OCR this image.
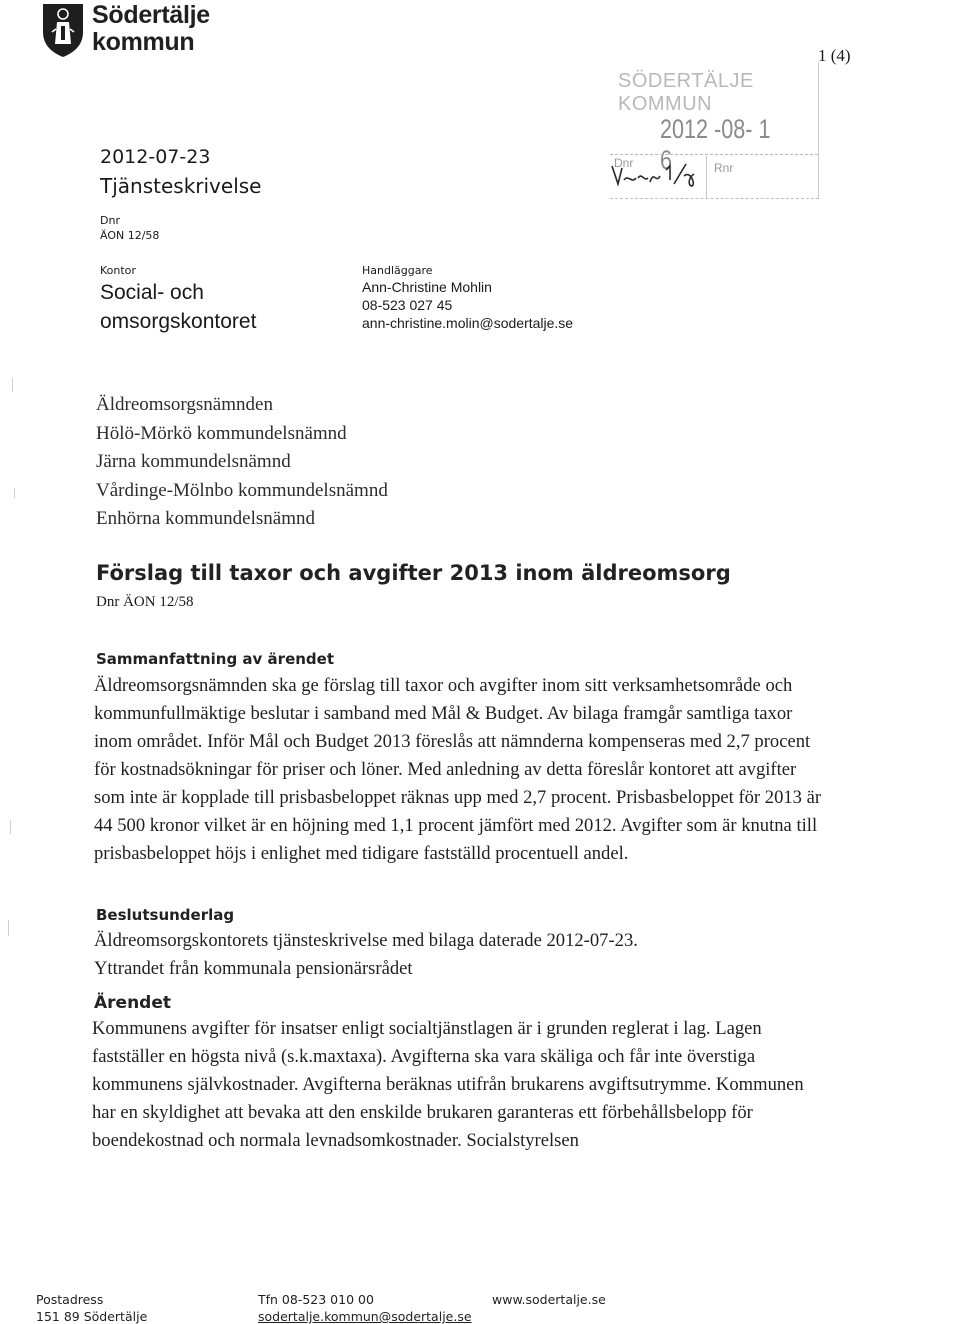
Södertälje
kommun	1 (4)
SÖDERTÄLJE KOMMUN
2012 -08- 1 6
Dnr	Rnr
2012-07-23
Tjänsteskrivelse
Dnr
ÄON 12/58
Kontor
Social- och omsorgskontoret
Handläggare
Ann-Christine Mohlin
08-523 027 45
ann-christine.molin@sodertalje.se
Äldreomsorgsnämnden
Hölö-Mörkö kommundelsnämnd
Järna kommundelsnämnd
Vårdinge-Mölnbo kommundelsnämnd
Enhörna kommundelsnämnd
Förslag till taxor och avgifter 2013 inom äldreomsorg
Dnr ÄON 12/58
Sammanfattning av ärendet
Äldreomsorgsnämnden ska ge förslag till taxor och avgifter inom sitt verksamhetsområde och kommunfullmäktige beslutar i samband med Mål & Budget. Av bilaga framgår samtliga taxor inom området. Inför Mål och Budget 2013 föreslås att nämnderna kompenseras med 2,7 procent för kostnadsökningar för priser och löner. Med anledning av detta föreslår kontoret att avgifter som inte är kopplade till prisbasbeloppet räknas upp med 2,7 procent. Prisbasbeloppet för 2013 är 44 500 kronor vilket är en höjning med 1,1 procent jämfört med 2012. Avgifter som är knutna till prisbasbeloppet höjs i enlighet med tidigare fastställd procentuell andel.
Beslutsunderlag
Äldreomsorgskontorets tjänsteskrivelse med bilaga daterade 2012-07-23.
Yttrandet från kommunala pensionärsrådet
Ärendet
Kommunens avgifter för insatser enligt socialtjänstlagen är i grunden reglerat i lag. Lagen fastställer en högsta nivå (s.k.maxtaxa). Avgifterna ska vara skäliga och får inte överstiga kommunens självkostnader. Avgifterna beräknas utifrån brukarens avgiftsutrymme. Kommunen har en skyldighet att bevaka att den enskilde brukaren garanteras ett förbehållsbelopp för boendekostnad och normala levnadsomkostnader. Socialstyrelsen
Postadress
151 89 Södertälje
Tfn 08-523 010 00
sodertalje.kommun@sodertalje.se
www.sodertalje.se
